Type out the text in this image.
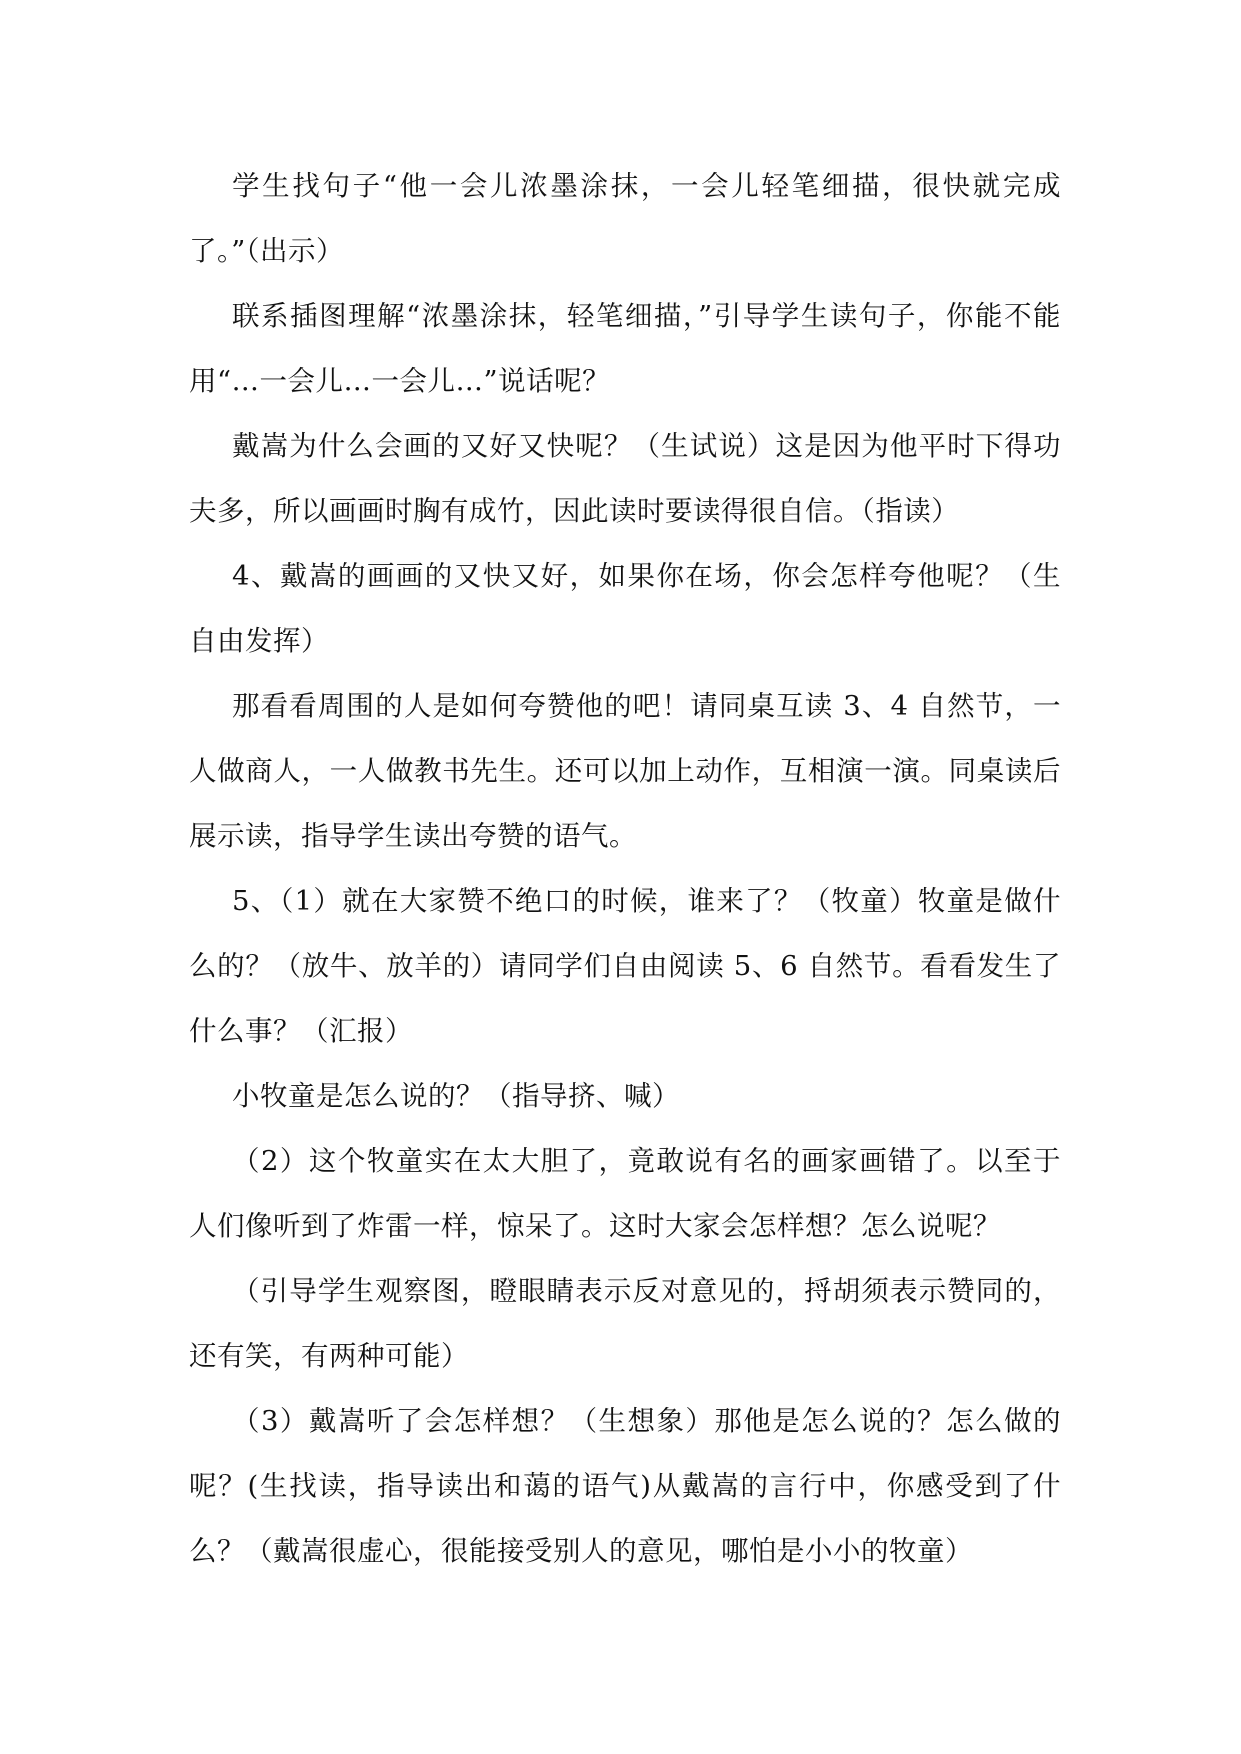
学生找句子“他一会儿浓墨涂抹，一会儿轻笔细描，很快就完成了。”（出示）

联系插图理解“浓墨涂抹，轻笔细描，”引导学生读句子，你能不能用“…一会儿…一会儿…”说话呢？

戴嵩为什么会画的又好又快呢？（生试说）这是因为他平时下得功夫多，所以画画时胸有成竹，因此读时要读得很自信。（指读）

4、戴嵩的画画的又快又好，如果你在场，你会怎样夸他呢？（生自由发挥）

那看看周围的人是如何夸赞他的吧！请同桌互读 3、4 自然节，一人做商人，一人做教书先生。还可以加上动作，互相演一演。同桌读后展示读，指导学生读出夸赞的语气。

5、（1）就在大家赞不绝口的时候，谁来了？（牧童）牧童是做什么的？（放牛、放羊的）请同学们自由阅读 5、6 自然节。看看发生了什么事？（汇报）

小牧童是怎么说的？（指导挤、喊）

（2）这个牧童实在太大胆了，竟敢说有名的画家画错了。以至于人们像听到了炸雷一样，惊呆了。这时大家会怎样想？怎么说呢？

（引导学生观察图，瞪眼睛表示反对意见的，捋胡须表示赞同的，还有笑，有两种可能）

（3）戴嵩听了会怎样想？（生想象）那他是怎么说的？怎么做的呢？(生找读，指导读出和蔼的语气)从戴嵩的言行中，你感受到了什么？（戴嵩很虚心，很能接受别人的意见，哪怕是小小的牧童）
